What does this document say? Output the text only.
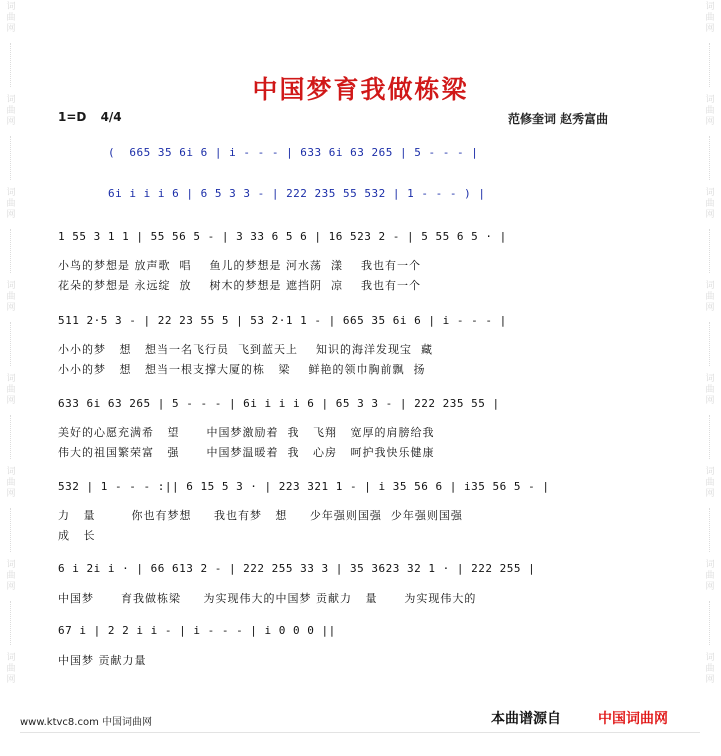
词
曲
网
词
曲
网
词
曲
网
词
曲
网
词
曲
网
词
曲
网
词
曲
网
词
曲
网
词
曲
网
词
曲
网
词
曲
网
词
曲
网
词
曲
网
词
曲
网
词
曲
网
词
曲
网
中国梦育我做栋梁
1=D 4/4	范修奎词 赵秀富曲
(  665 35 6i 6 | i - - - | 633 6i 63 265 | 5 - - - |
6i i i i 6 | 6 5 3 3 - | 222 235 55 532 | 1 - - - ) |
1 55 3 1 1 | 55 56 5 - | 3 33 6 5 6 | 16 523 2 - | 5 55 6 5 · |
小鸟的梦想是 放声歌  唱    鱼儿的梦想是 河水荡  漾    我也有一个
花朵的梦想是 永远绽  放    树木的梦想是 遮挡阴  凉    我也有一个
511 2·5 3 - | 22 23 55 5 | 53 2·1 1 - | 665 35 6i 6 | i - - - |
小小的梦   想   想当一名飞行员  飞到蓝天上    知识的海洋发现宝  藏
小小的梦   想   想当一根支撑大厦的栋   梁    鲜艳的领巾胸前飘  扬
633 6i 63 265 | 5 - - - | 6i i i i 6 | 65 3 3 - | 222 235 55 |
美好的心愿充满希   望      中国梦激励着  我   飞翔   宽厚的肩膀给我
伟大的祖国繁荣富   强      中国梦温暖着  我   心房   呵护我快乐健康
532 | 1 - - - :|| 6 15 5 3 · | 223 321 1 - | i 35 56 6 | i35 56 5 - |
力   量        你也有梦想     我也有梦   想     少年强则国强  少年强则国强
成   长
6 i 2i i · | 66 613 2 - | 222 255 33 3 | 35 3623 32 1 · | 222 255 |
中国梦      育我做栋梁     为实现伟大的中国梦 贡献力   量      为实现伟大的
67 i | 2 2 i i - | i - - - | i 0 0 0 ||
中国梦 贡献力量
www.ktvc8.com 中国词曲网	本曲谱源自	中国词曲网
